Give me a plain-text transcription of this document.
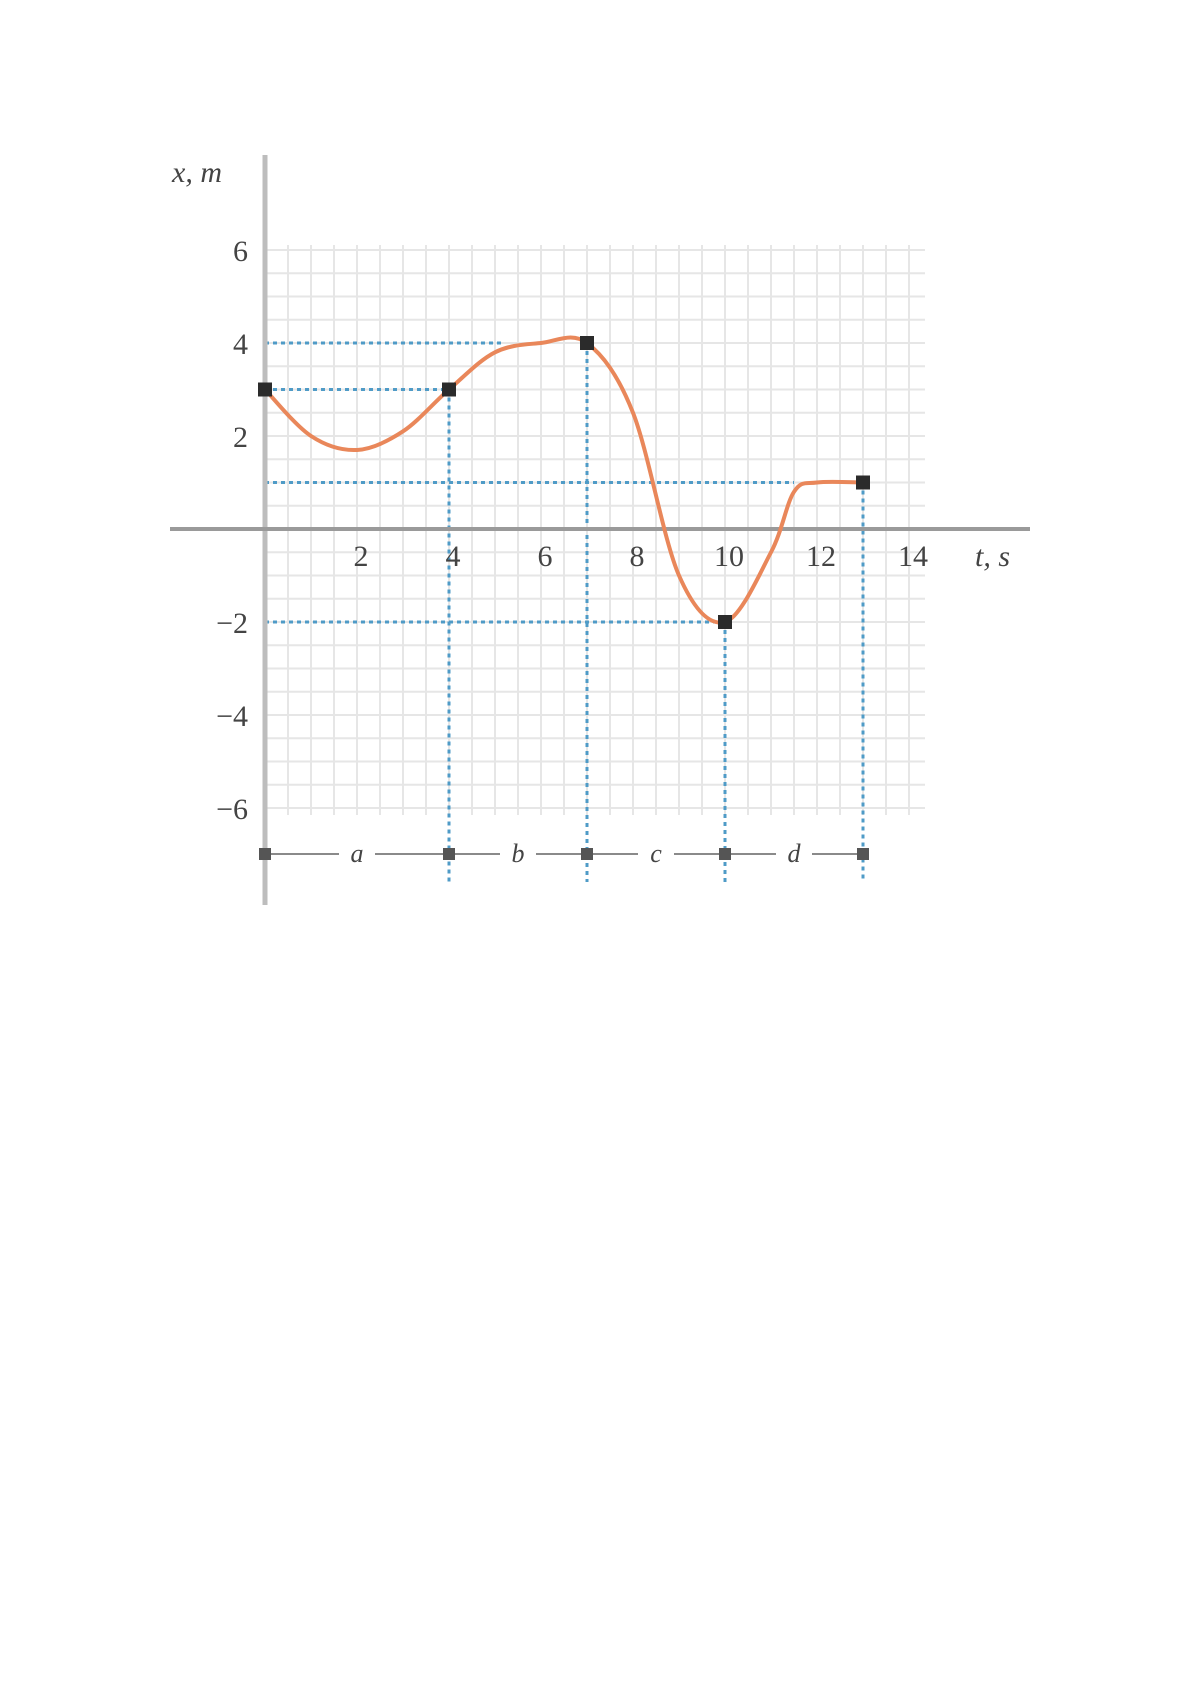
a	b	c	d
2	4	6	8 10 12 14
6
4
2
−2
−4
−6
x, m
t, s
